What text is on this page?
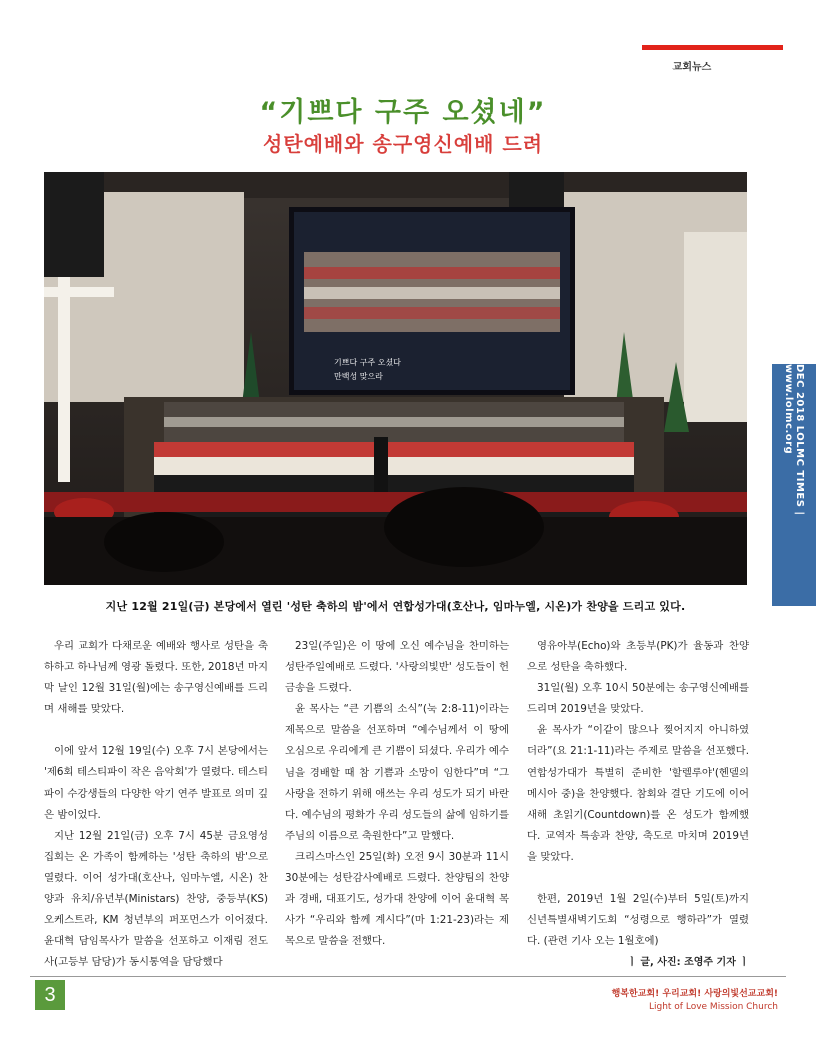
교회뉴스
“기쁘다 구주 오셨네”
성탄예배와 송구영신예배 드려
기쁘다 구주 오셨다
만백성 맞으라
지난 12월 21일(금) 본당에서 열린 '성탄 축하의 밤'에서 연합성가대(호산나, 임마누엘, 시온)가 찬양을 드리고 있다.
DEC 2018 LOLMC TIMES | www.lolmc.org

우리 교회가 다채로운 예배와 행사로 성탄을 축하하고 하나님께 영광 돌렸다. 또한, 2018년 마지막 날인 12월 31일(월)에는 송구영신예배를 드리며 새해를 맞았다.

이에 앞서 12월 19일(수) 오후 7시 본당에서는 '제6회 테스티파이 작은 음악회'가 열렸다. 테스티파이 수강생들의 다양한 악기 연주 발표로 의미 깊은 밤이었다.

지난 12월 21일(금) 오후 7시 45분 금요영성집회는 온 가족이 함께하는 '성탄 축하의 밤'으로 열렸다. 이어 성가대(호산나, 임마누엘, 시온) 찬양과 유치/유년부(Ministars) 찬양, 중등부(KS) 오케스트라, KM 청년부의 퍼포먼스가 이어졌다. 윤대혁 담임목사가 말씀을 선포하고 이재림 전도사(고등부 담당)가 동시통역을 담당했다

23일(주일)은 이 땅에 오신 예수님을 찬미하는 성탄주일예배로 드렸다. '사랑의빛반' 성도들이 헌금송을 드렸다.

윤 목사는 “큰 기쁨의 소식”(눅 2:8-11)이라는 제목으로 말씀을 선포하며 “예수님께서 이 땅에 오심으로 우리에게 큰 기쁨이 되셨다. 우리가 예수님을 경배할 때 참 기쁨과 소망이 임한다”며 “그 사랑을 전하기 위해 애쓰는 우리 성도가 되기 바란다. 예수님의 평화가 우리 성도들의 삶에 임하기를 주님의 이름으로 축원한다”고 말했다.

크리스마스인 25일(화) 오전 9시 30분과 11시 30분에는 성탄감사예배로 드렸다. 찬양팀의 찬양과 경배, 대표기도, 성가대 찬양에 이어 윤대혁 목사가 “우리와 함께 계시다”(마 1:21-23)라는 제목으로 말씀을 전했다.

영유아부(Echo)와 초등부(PK)가 율동과 찬양으로 성탄을 축하했다.

31일(월) 오후 10시 50분에는 송구영신예배를 드리며 2019년을 맞았다.

윤 목사가 “이같이 많으나 찢어지지 아니하였더라”(요 21:1-11)라는 주제로 말씀을 선포했다. 연합성가대가 특별히 준비한 '할렐루야'(헨델의 메시아 중)을 찬양했다. 참회와 결단 기도에 이어 새해 초읽기(Countdown)를 온 성도가 함께했다. 교역자 특송과 찬양, 축도로 마치며 2019년을 맞았다.

한편, 2019년 1월 2일(수)부터 5일(토)까지 신년특별새벽기도회 “성령으로 행하라”가 열렸다. (관련 기사 오는 1월호에)

ㅣ 글, 사진: 조영주 기자 ㅣ
3	행복한교회! 우리교회! 사랑의빛선교교회!
Light of Love Mission Church
